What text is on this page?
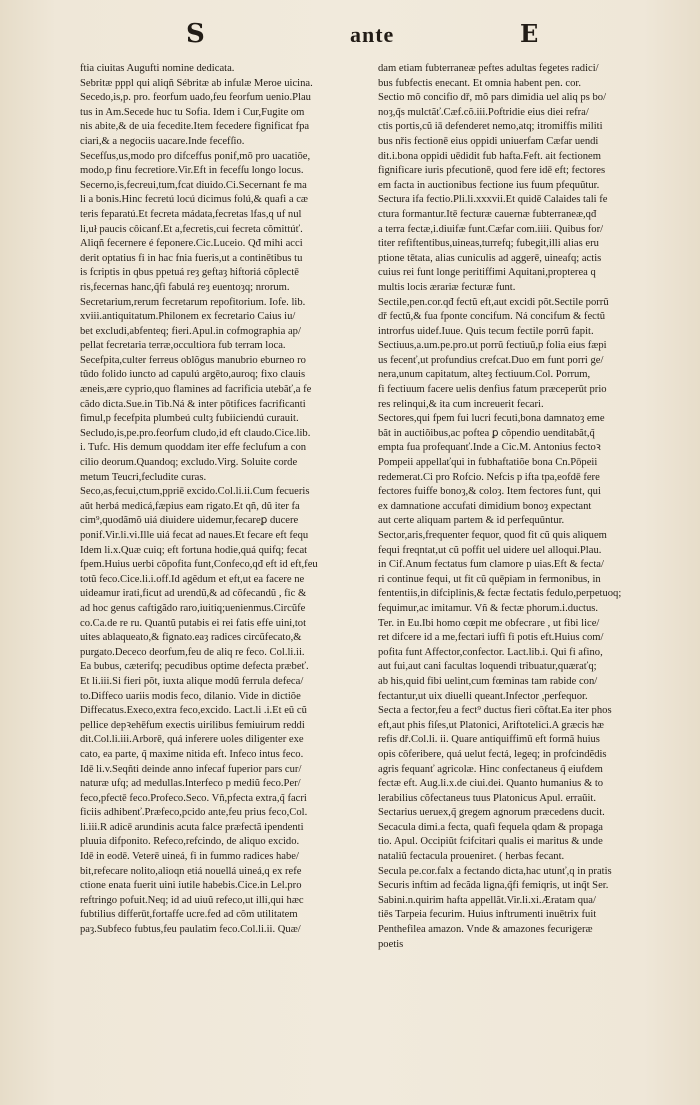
S	ante	E
ftia ciuitas Augufti nomine dedicata.
Sebritæ pppl qui aliqñ Sébritæ ab infulæ Meroe uicina.
Secedo,is,p. pro. feorfum uado,feu feorfum uenio.Plau
tus in Am.Secede huc tu Sofia. Idem i Cur,Fugite om
nis abite,& de uia fecedite.Item fecedere fignificat fpa
ciari,& a negociis uacare.Inde fecefſio.
Secefſus,us,modo pro difceffus ponif,mõ pro uacatiõe,
modo,p finu fecretiore.Vir.Eft in fecefſu longo locus.
Secerno,is,fecreui,tum,fcat diuido.Ci.Secernant fe ma
li a bonis.Hinc fecretú locú dicimus folú,& quafi a cæ
teris feparatú.Et fecreta mádata,fecretas lfas,q uf nul
li,uł paucis côicanf.Et a,fecretis,cui fecreta cõmittúť.
Aliqñ fecernere é feponere.Cic.Luceio. Qđ mihi acci
derit optatius fi in hac fnia fueris,ut a continētibus tu
is fcriptis in qbus ppetuá reȝ geftaȝ hiftoriá cõplectē
ris,fecernas hanc,q̃fi fabulá reȝ euentoȝq; nrorum.
Secretarium,rerum fecretarum repofitorium. Iofe. lib.
xviii.antiquitatum.Philonem ex fecretario Caius iu/
bet excludi,abfenteq; fieri.Apul.in cofmographia ap/
pellat fecretaria terræ,occultiora fub terram loca.
Secefpita,culter ferreus oblõgus manubrio eburneo ro
tũdo folido iuncto ad capulú argēto,auroq; fixo clauis
æneis,ære cyprio,quo flamines ad facrificia utebãť,a fe
cãdo dicta.Sue.in Tib.Ná & inter pōtifices facrificanti
fimul,p fecefpita plumbeú cultȝ fubiiciendú curauit.
Secludo,is,pe.pro.feorfum cludo,id eft claudo.Cice.lib.
i. Tufc. His demum quoddam iter effe feclufum a con
cilio deorum.Quandoq; excludo.Virg. Soluite corde
metum Teucri,fecludite curas.
Seco,as,fecui,ctum,ppriē excido.Col.li.ii.Cum fecueris
aũt herbá medicá,fæpius eam rigato.Et qñ, dũ iter fa
cim⁹,quodãmõ uiá diuidere uidemur,fecareꝑ ducere
ponif.Vir.li.vi.Ille uiá fecat ad naues.Et fecare eft fequ
Idem li.x.Quæ cuiq; eft fortuna hodie,quá quifq; fecat
fpem.Huius uerbi cõpofita funt,Confeco,qđ eft id eft,feu
totũ feco.Cice.li.i.off.Id agẽdum et eft,ut ea facere ne
uideamur irati,ficut ad urendũ,& ad cõfecandũ , fic &
ad hoc genus caftigãdo raro,iuitiq;uenienmus.Circũfe
co.Ca.de re ru. Quantũ putabis ei rei fatis effe uini,tot
uites ablaqueato,& fignato.eaȝ radices circũfecato,&
purgato.Dececo deorfum,feu de aliq re feco. Col.li.ii.
Ea bubus, cæterifq; pecudibus optime defecta præbeť.
Et li.iii.Si fieri põt, iuxta alique modũ ferrula defeca/
to.Diffeco uariis modis feco, dilanio. Vide in dictiõe
Diffecatus.Execo,extra feco,excido. Lact.li .i.Et eũ cũ
pellice depꝛehēfum exectis uirilibus femiuirum reddi
dit.Col.li.iii.Arborē, quá inferere uoles diligenter exe
cato, ea parte, q̃ maxime nitida eft. Infeco intus feco.
Idē li.v.Seqñti deinde anno infecaf fuperior pars cur/
naturæ ufq; ad medullas.Interfeco p mediũ feco.Per/
feco,pfectē feco.Profeco.Seco. Vñ,pfecta extra,q̃ facri
ficiis adhibenť.Præfeco,pcido ante,feu prius feco,Col.
li.iii.R adicē arundinis acuta falce præfectã ipendenti
pluuia difponito. Refeco,refcindo, de aliquo excido.
Idē in eodē. Veterē uineá, fi in fummo radices habe/
bit,refecare nolito,alioqn etiá nouellá uineá,q ex refe
ctione enata fuerit uini iutile habebis.Cice.in Lel.pro
reftringo pofuit.Neq; id ad uiuũ refeco,ut illi,qui hæc
fubtilius differūt,fortaffe ucre.fed ad cõm utilitatem
paȝ.Subfeco fubtus,feu paulatim feco.Col.li.ii. Quæ/
dam etiam fubterraneæ peftes adultas fegetes radici/
bus fubfectis enecant. Et omnia habent pen. cor.
Sectio mõ concifio dř, mõ pars dimidia uel aliq ps bo/
noȝ,q̃s mulctãť.Cæf.cõ.iii.Poftridie eius diei refra/
ctis portis,cũ iā defenderet nemo,atq; itromiffis militi
bus nřis fectionē eius oppidi uniuerfam Cæfar uendi
dit.i.bona oppidi uēdidit fub hafta.Feft. ait fectionem
fignificare iuris pfecutionē, quod fere idē eft; fectores
em facta in auctionibus fectione ius fuum pfequũtur.
Sectura ifa fectio.Pli.li.xxxvii.Et quidē Calaides tali fe
ctura formantur.Itē fecturæ cauernæ fubterraneæ,qđ
a terra fectæ,i.diuifæ funt.Cæfar com.iiii. Quibus for/
titer refiftentibus,uineas,turrefq; fubegit,illi alias eru
ptione tētata, alias cuniculis ad aggerē, uineafq; actis
cuius rei funt longe peritiffimi Aquitani,propterea q
multis locis ærariæ fecturæ funt.
Sectile,pen.cor.qđ fectũ eft,aut excidi põt.Sectile porrũ
dř fectũ,& fua fponte concifum. Ná concifum & fectũ
introrfus uidef.Iuue. Quis tecum fectile porrũ fapit.
Sectiuus,a.um.pe.pro.ut porrũ fectiuũ,p folia eius fæpi
us fecenť,ut profundius crefcat.Duo em funt porri ge/
nera,unum capitatum, alteȝ fectiuum.Col. Porrum,
fi fectiuum facere uelis denfius fatum præceperũt prio
res relinqui,& ita cum increuerit fecari.
Sectores,qui fpem fui lucri fecuti,bona damnatoȝ eme
bãt in auctiõibus,ac poftea ꝑ cõpendio uenditabãt,q̃
empta fua profequanť.Inde a Cic.M. Antonius fectoꝛ
Pompeii appellaťqui in fubhaftatiõe bona Cn.Pōpeii
redemerat.Ci pro Rofcio. Nefcis p ifta tpa,eofdē fere
fectores fuiffe bonoȝ,& coloȝ. Item fectores funt, qui
ex damnatione accufati dimidium bonoȝ expectant
aut certe aliquam partem & id perfequũntur.
Sector,aris,frequenter fequor, quod fit cũ quis aliquem
fequi freqntat,ut cũ poffit uel uidere uel alloqui.Plau.
in Cif.Anum fectatus fum clamore p uias.Eft & fecta/
ri continue fequi, ut fit cũ quēpiam in fermonibus, in
fententiis,in difciplinis,& fectæ fectatis fedulo,perpetuoq;
fequimur,ac imitamur. Vñ & fectæ phorum.i.ductus.
Ter. in Eu.Ibi homo cœpit me obfecrare , ut fibi lice/
ret difcere id a me,fectari iuffi fi potis eft.Huius com/
pofita funt Affector,confector. Lact.lib.i. Qui fi afino,
aut fui,aut cani facultas loquendi tribuatur,quæraťq;
ab his,quid fibi uelint,cum fœminas tam rabide con/
fectantur,ut uix diuelli queant.Infector ,perfequor.
Secta a fector,feu a fect⁹ ductus fieri cõftat.Ea iter phos
eft,aut phis fiſes,ut Platonici, Ariftotelici.A græcis hæ
refis dř.Col.li. ii. Quare antiquiffimũ eft formã huius
opis cõferibere, quá uelut fectá, legeq; in profcindẽdis
agris fequanť agricolæ. Hinc confectaneus q̃ eiufdem
fectæ eft. Aug.li.x.de ciui.dei. Quanto humanius & to
lerabilius cõfectaneus tuus Platonicus Apul. erraũit.
Sectarius ueruex,q̃ gregem agnorum præcedens ducit.
Secacula dimi.a fecta, quafi fequela qdam & propaga
tio. Apul. Occipiũt fcifcitari qualis ei maritus & unde
nataliũ fectacula proueniret. ( herbas fecant.
Secula pe.cor.falx a fectando dicta,hac utunť,q in pratis
Securis inftim ad fecãda ligna,q̃fi femiqris, ut inq̃t Ser.
Sabini.n.quirim hafta appellãt.Vir.li.xi.Æratam qua/
tiēs Tarpeia fecurim. Huius inftrumenti inuētrix fuit
Penthefilea amazon. Vnde & amazones fecurigeræ
poetis
